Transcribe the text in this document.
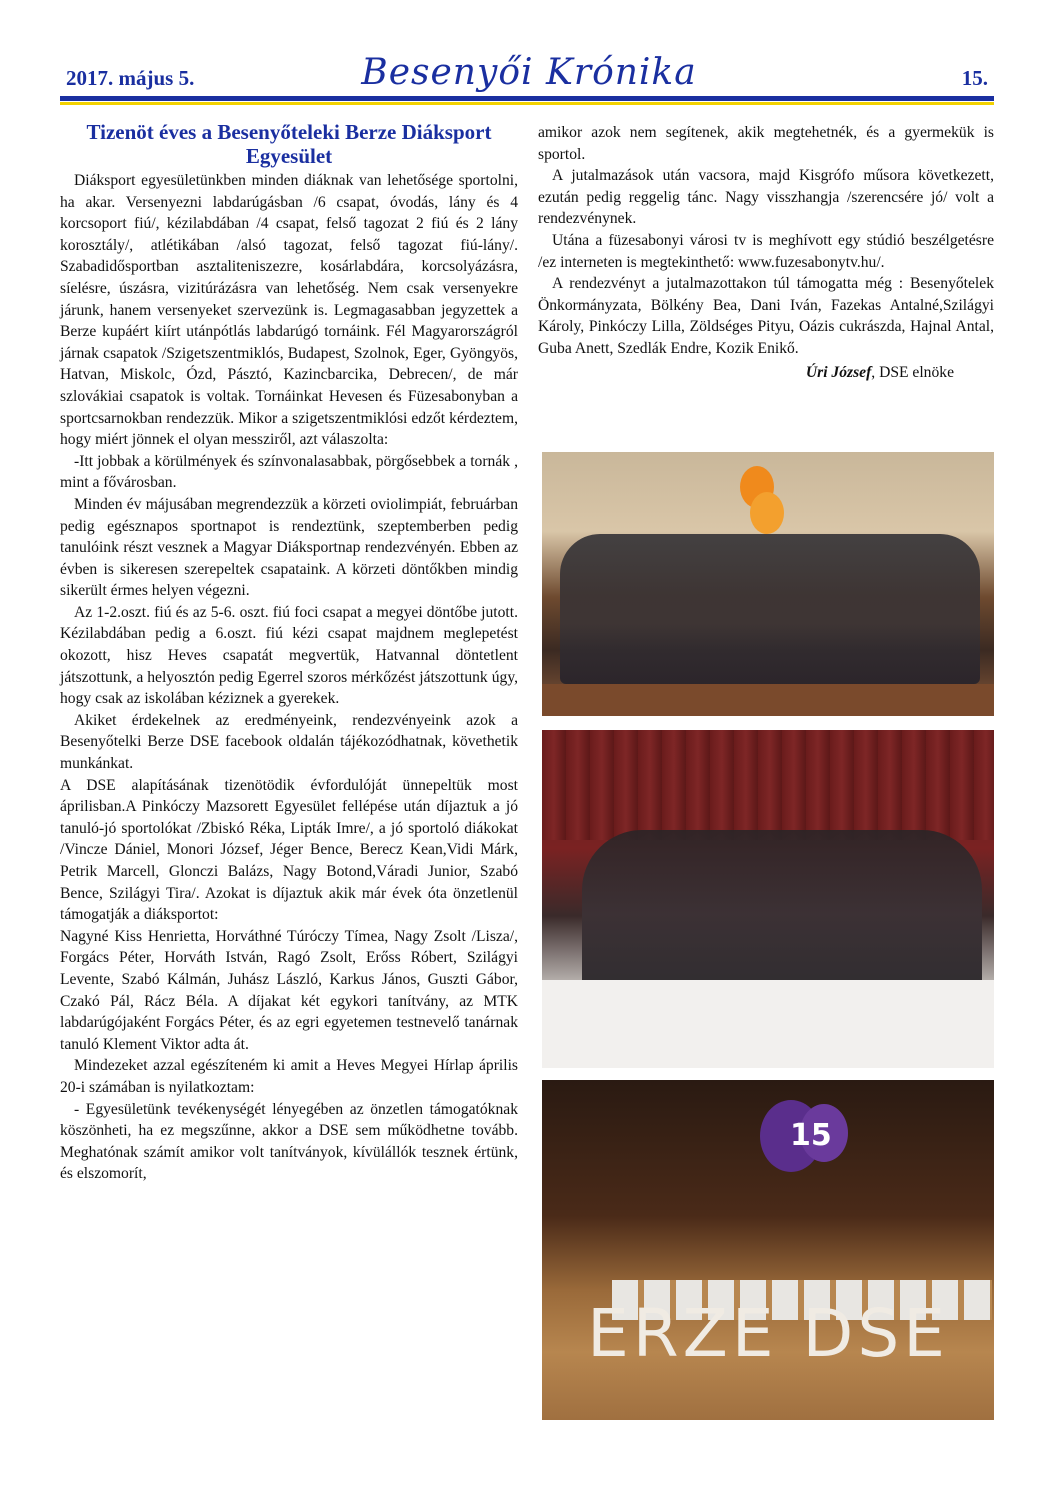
2017. május 5.	Besenyői Krónika	15.
Tizenöt éves a Besenyőteleki Berze Diáksport Egyesület

Diáksport egyesületünkben minden diáknak van lehetősége sportolni, ha akar. Versenyezni labdarúgásban /6 csapat, óvodás, lány és 4 korcsoport fiú/, kézilabdában /4 csapat, felső tagozat 2 fiú és 2 lány korosztály/, atlétikában /alsó tagozat, felső tagozat fiú-lány/. Szabadidősportban asztaliteniszezre, kosárlabdára, korcsolyázásra, síelésre, úszásra, vizitúrázásra van lehetőség. Nem csak versenyekre járunk, hanem versenyeket szervezünk is. Legmagasabban jegyzettek a Berze kupáért kiírt utánpótlás labdarúgó tornáink. Fél Magyarországról járnak csapatok /Szigetszentmiklós, Budapest, Szolnok, Eger, Gyöngyös, Hatvan, Miskolc, Ózd, Pásztó, Kazincbarcika, Debrecen/, de már szlovákiai csapatok is voltak. Tornáinkat Hevesen és Füzesabonyban a sportcsarnokban rendezzük. Mikor a szigetszentmiklósi edzőt kérdeztem, hogy miért jönnek el olyan messziről, azt válaszolta:

-Itt jobbak a körülmények és színvonalasabbak, pörgősebbek a tornák , mint a fővárosban.

Minden év májusában megrendezzük a körzeti oviolimpiát, februárban pedig egésznapos sportnapot is rendeztünk, szeptemberben pedig tanulóink részt vesznek a Magyar Diáksportnap rendezvényén. Ebben az évben is sikeresen szerepeltek csapataink. A körzeti döntőkben mindig sikerült érmes helyen végezni.

Az 1-2.oszt. fiú és az 5-6. oszt. fiú foci csapat a megyei döntőbe jutott. Kézilabdában pedig a 6.oszt. fiú kézi csapat majdnem meglepetést okozott, hisz Heves csapatát megvertük, Hatvannal döntetlent játszottunk, a helyosztón pedig Egerrel szoros mérkőzést játszottunk úgy, hogy csak az iskolában kéziznek a gyerekek.

Akiket érdekelnek az eredményeink, rendezvényeink azok a Besenyőtelki Berze DSE facebook oldalán tájékozódhatnak, követhetik munkánkat.

A DSE alapításának tizenötödik évfordulóját ünnepeltük most áprilisban.A Pinkóczy Mazsorett Egyesület fellépése után díjaztuk a jó tanuló-jó sportolókat /Zbiskó Réka, Lipták Imre/, a jó sportoló diákokat /Vincze Dániel, Monori József, Jéger Bence, Berecz Kean,Vidi Márk, Petrik Marcell, Glonczi Balázs, Nagy Botond,Váradi Junior, Szabó Bence, Szilágyi Tira/. Azokat is díjaztuk akik már évek óta önzetlenül támogatják a diáksportot:

Nagyné Kiss Henrietta, Horváthné Túróczy Tímea, Nagy Zsolt /Lisza/, Forgács Péter, Horváth István, Ragó Zsolt, Erőss Róbert, Szilágyi Levente, Szabó Kálmán, Juhász László, Karkus János, Guszti Gábor, Czakó Pál, Rácz Béla. A díjakat két egykori tanítvány, az MTK labdarúgójaként Forgács Péter, és az egri egyetemen testnevelő tanárnak tanuló Klement Viktor adta át.

Mindezeket azzal egészíteném ki amit a Heves Megyei Hírlap április 20-i számában is nyilatkoztam:

- Egyesületünk tevékenységét lényegében az önzetlen támogatóknak köszönheti, ha ez megszűnne, akkor a DSE sem működhetne tovább. Meghatónak számít amikor volt tanítványok, kívülállók tesznek értünk, és elszomorít,

amikor azok nem segítenek, akik megtehetnék, és a gyermekük is sportol.

A jutalmazások után vacsora, majd Kisgrófo műsora következett, ezután pedig reggelig tánc. Nagy visszhangja /szerencsére jó/ volt a rendezvénynek.

Utána a füzesabonyi városi tv is meghívott egy stúdió beszélgetésre /ez interneten is megtekinthető: www.fuzesabonytv.hu/.

A rendezvényt a jutalmazottakon túl támogatta még : Besenyőtelek Önkormányzata, Bölkény Bea, Dani Iván, Fazekas Antalné,Szilágyi Károly, Pinkóczy Lilla, Zöldséges Pityu, Oázis cukrászda, Hajnal Antal, Guba Anett, Szedlák Endre, Kozik Enikő.

Úri József, DSE elnöke
15
ERZE DSE
